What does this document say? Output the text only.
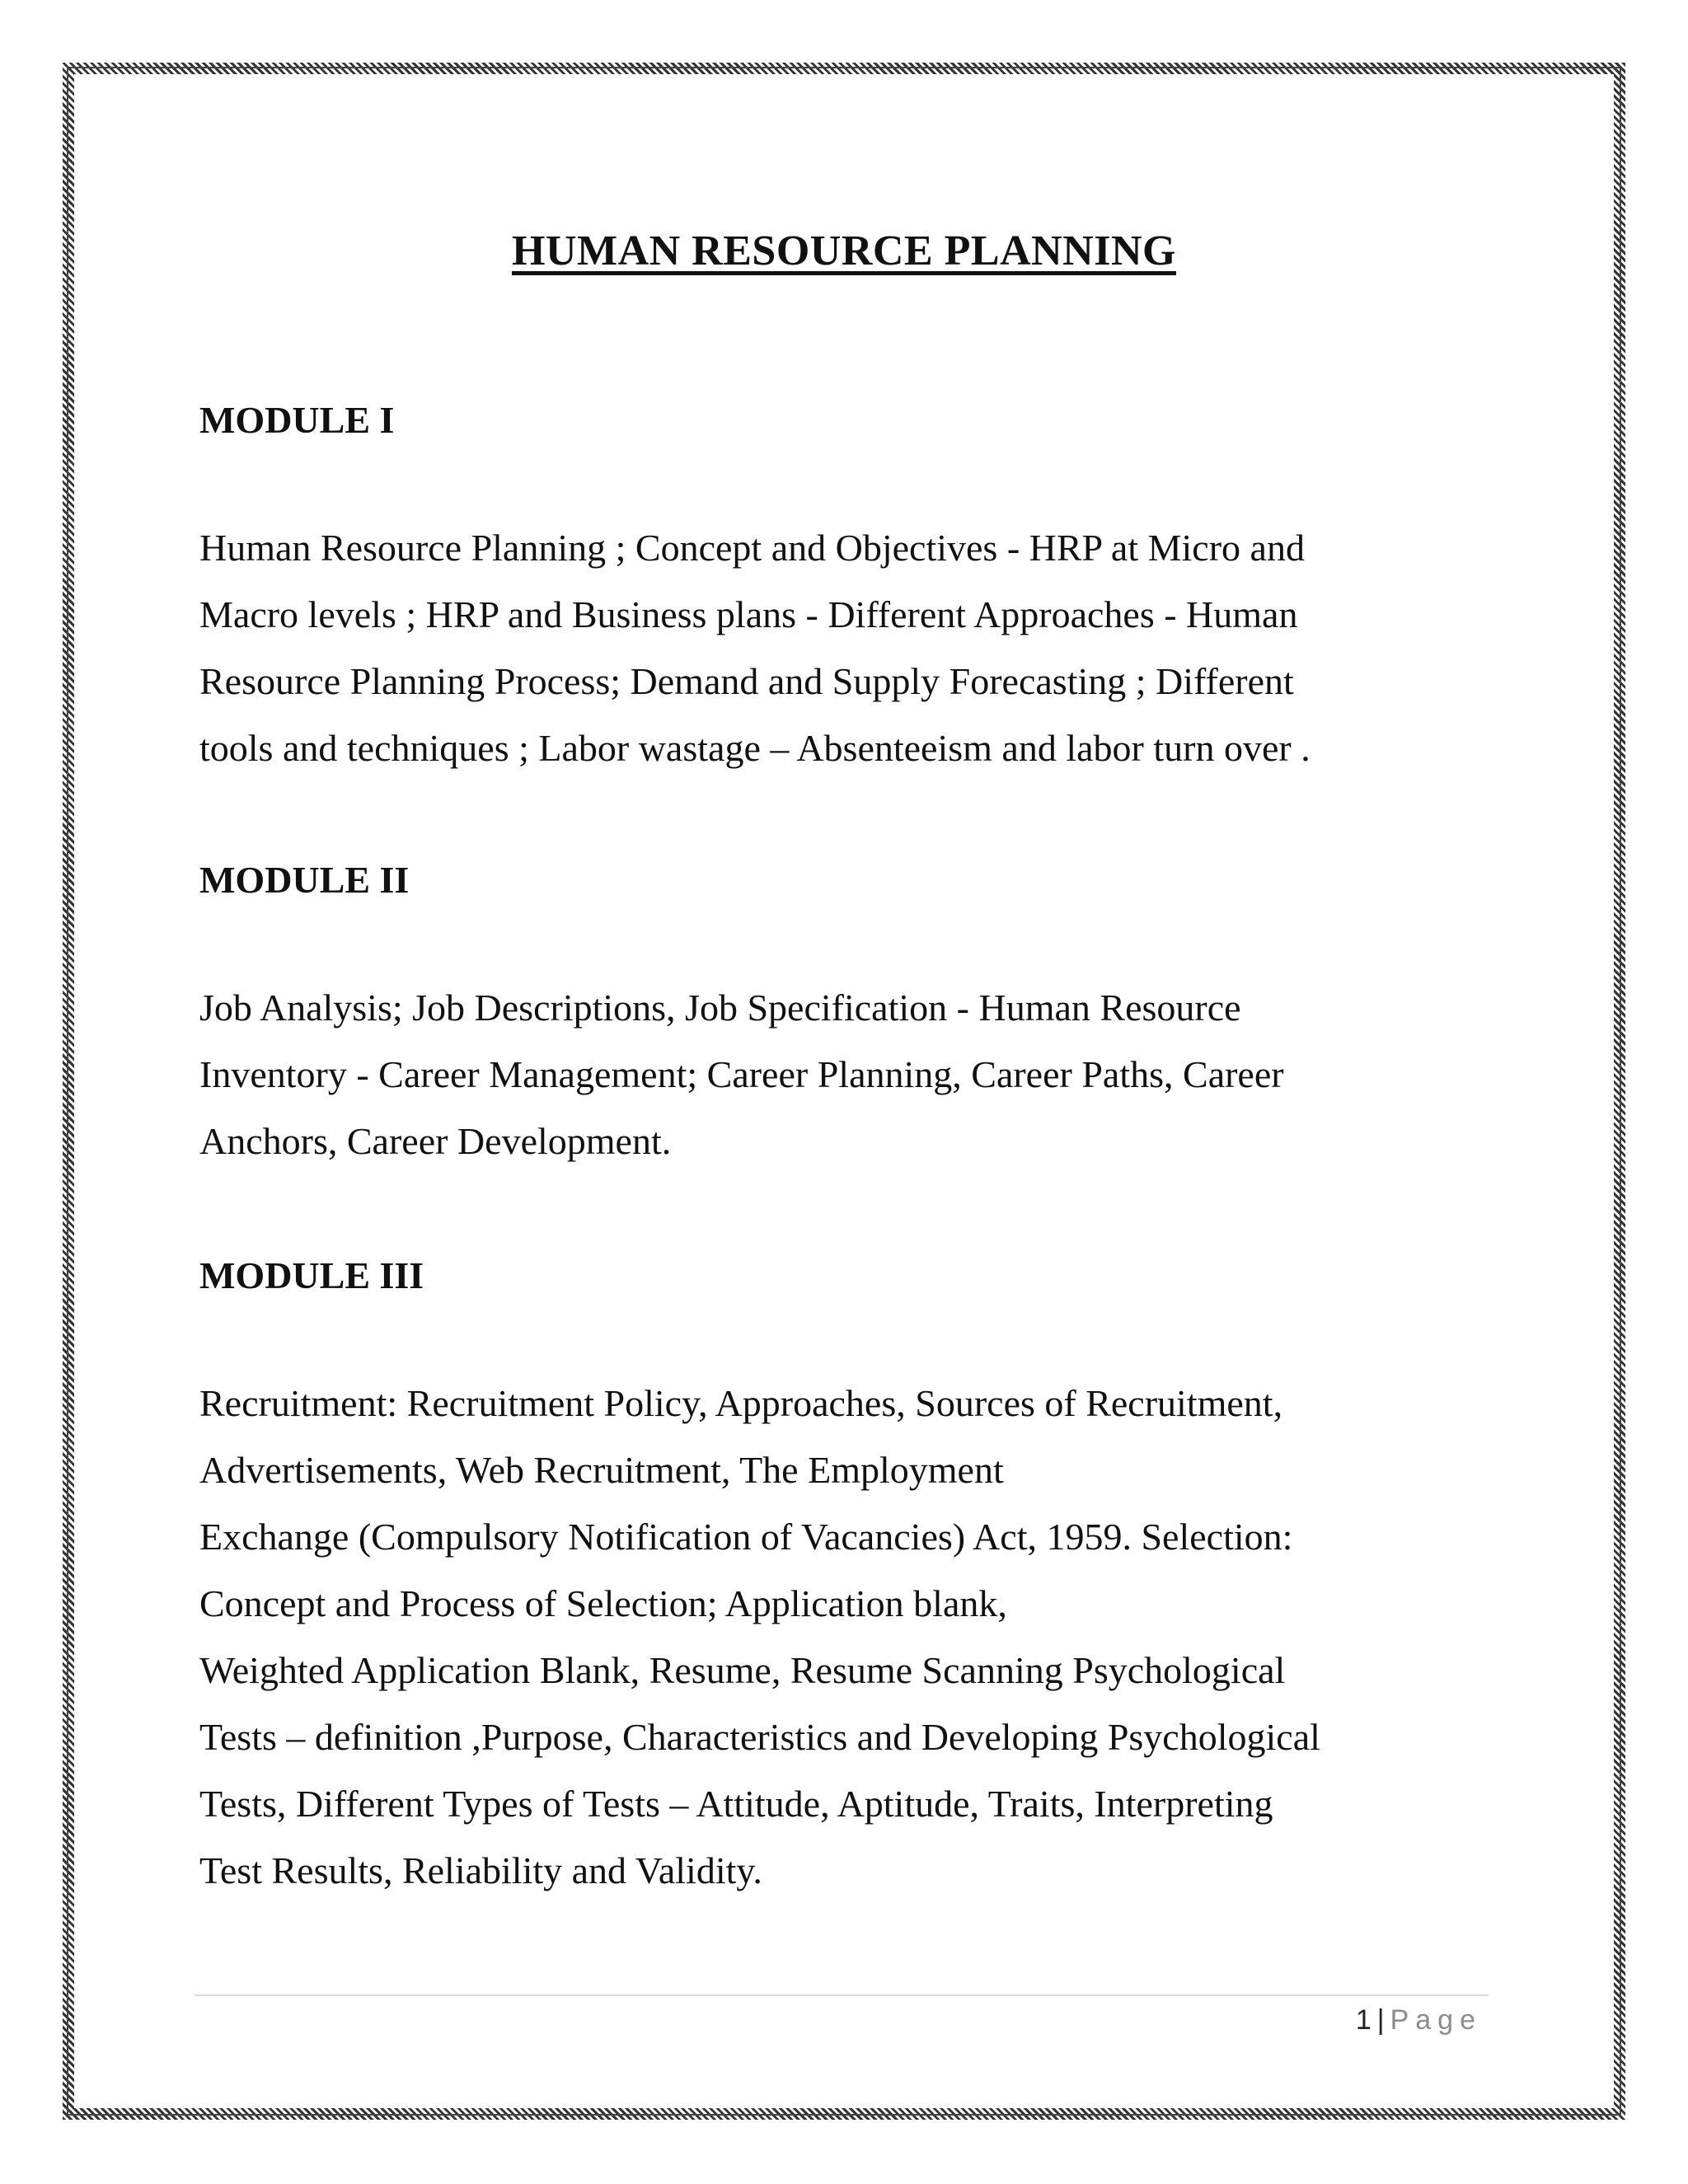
HUMAN RESOURCE PLANNING
MODULE I

Human Resource Planning ; Concept and Objectives - HRP at Micro and
Macro levels ; HRP and Business plans - Different Approaches - Human
Resource Planning Process; Demand and Supply Forecasting ; Different
tools and techniques ; Labor wastage – Absenteeism and labor turn over .

MODULE II

Job Analysis; Job Descriptions, Job Specification - Human Resource
Inventory - Career Management; Career Planning, Career Paths, Career
Anchors, Career Development.

MODULE III

Recruitment: Recruitment Policy, Approaches, Sources of Recruitment,
Advertisements, Web Recruitment, The Employment
Exchange (Compulsory Notification of Vacancies) Act, 1959. Selection:
Concept and Process of Selection; Application blank,
Weighted Application Blank, Resume, Resume Scanning Psychological
Tests – definition ,Purpose, Characteristics and Developing Psychological
Tests, Different Types of Tests – Attitude, Aptitude, Traits, Interpreting
Test Results, Reliability and Validity.

1 | Page
